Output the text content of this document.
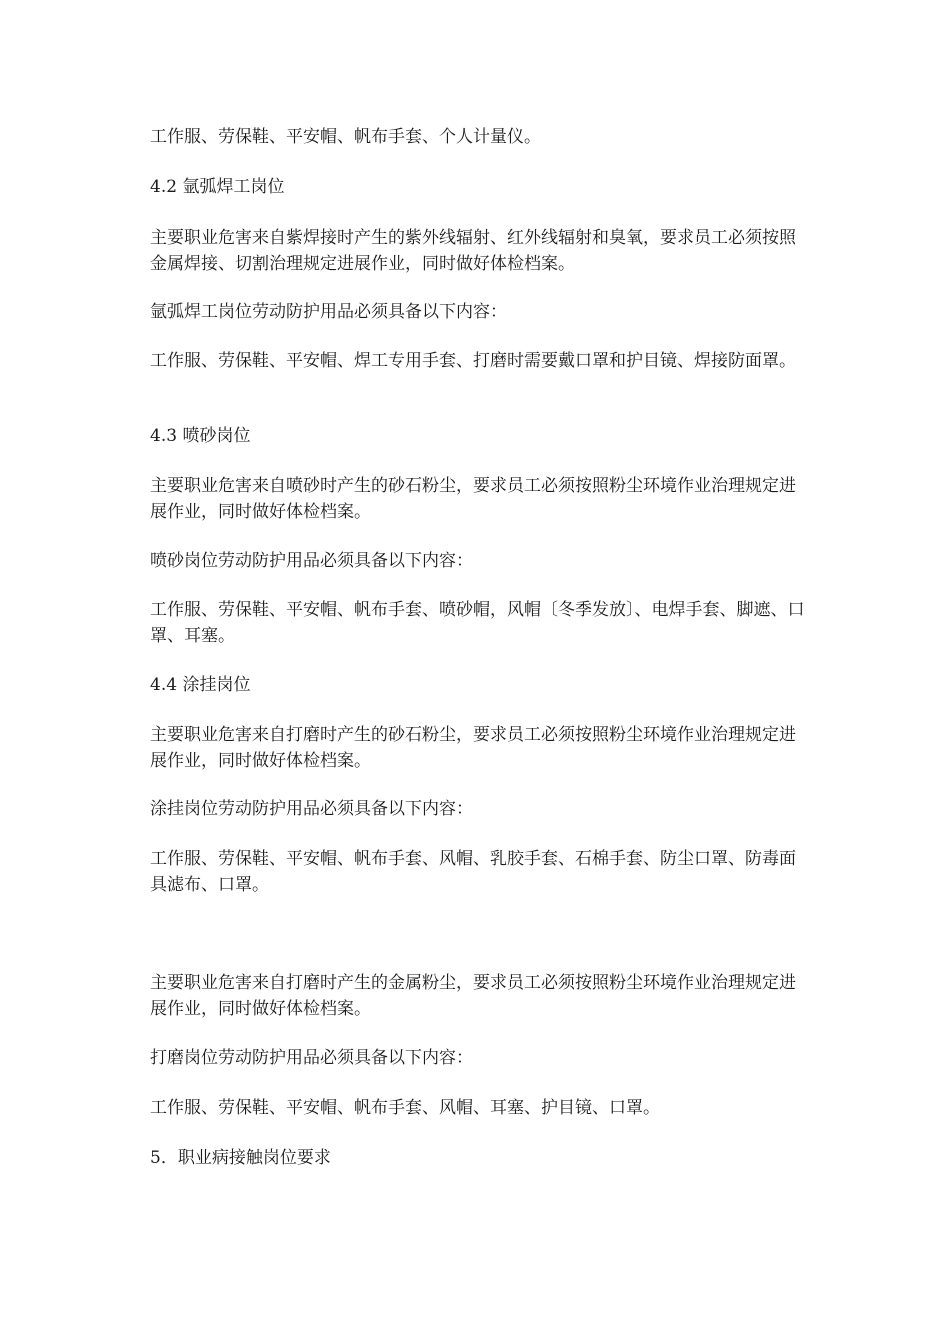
工作服、劳保鞋、平安帽、帆布手套、个人计量仪。

4.2 氩弧焊工岗位

主要职业危害来自紫焊接时产生的紫外线辐射、红外线辐射和臭氧，要求员工必须按照金属焊接、切割治理规定进展作业，同时做好体检档案。

氩弧焊工岗位劳动防护用品必须具备以下内容：

工作服、劳保鞋、平安帽、焊工专用手套、打磨时需要戴口罩和护目镜、焊接防面罩。

4.3 喷砂岗位

主要职业危害来自喷砂时产生的砂石粉尘，要求员工必须按照粉尘环境作业治理规定进展作业，同时做好体检档案。

喷砂岗位劳动防护用品必须具备以下内容：

工作服、劳保鞋、平安帽、帆布手套、喷砂帽，风帽〔冬季发放〕、电焊手套、脚遮、口罩、耳塞。

4.4 涂挂岗位

主要职业危害来自打磨时产生的砂石粉尘，要求员工必须按照粉尘环境作业治理规定进展作业，同时做好体检档案。

涂挂岗位劳动防护用品必须具备以下内容：

工作服、劳保鞋、平安帽、帆布手套、风帽、乳胶手套、石棉手套、防尘口罩、防毒面具滤布、口罩。

主要职业危害来自打磨时产生的金属粉尘，要求员工必须按照粉尘环境作业治理规定进展作业，同时做好体检档案。

打磨岗位劳动防护用品必须具备以下内容：

工作服、劳保鞋、平安帽、帆布手套、风帽、耳塞、护目镜、口罩。

5．职业病接触岗位要求
